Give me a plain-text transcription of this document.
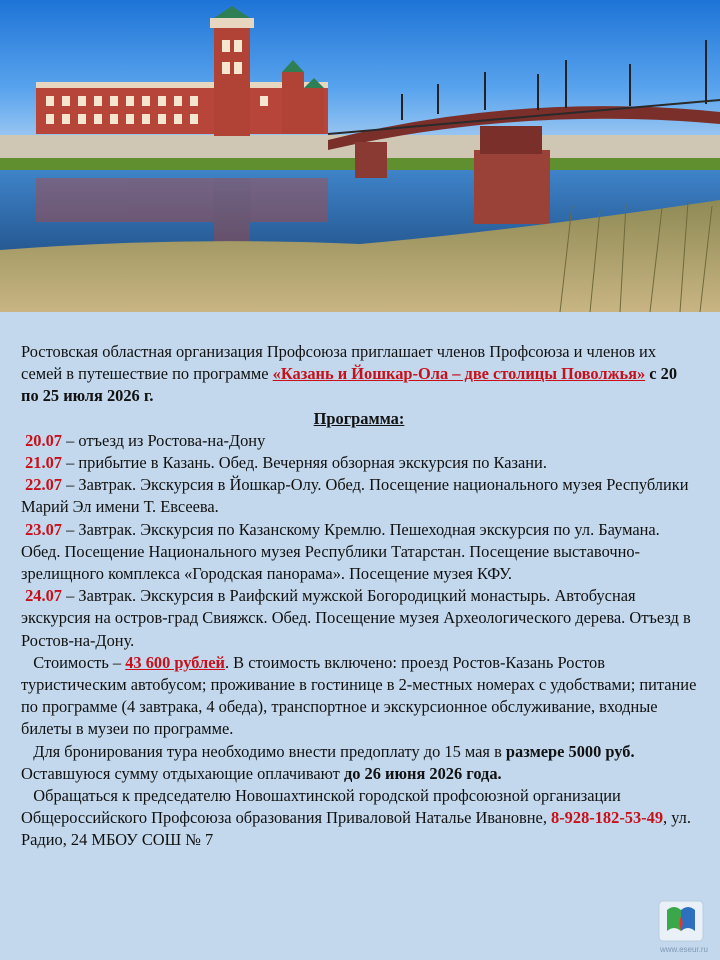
Ростовская областная организация Профсоюза приглашает членов Профсоюза и членов их семей в путешествие по программе «Казань и Йошкар-Ола – две столицы Поволжья» с 20 по 25 июля 2026 г.

Программа:

20.07 – отъезд из Ростова-на-Дону

21.07 – прибытие в Казань. Обед. Вечерняя обзорная экскурсия по Казани.

22.07 – Завтрак. Экскурсия в Йошкар-Олу. Обед. Посещение национального музея Республики Марий Эл имени Т. Евсеева.

23.07 – Завтрак. Экскурсия по Казанскому Кремлю. Пешеходная экскурсия по ул. Баумана. Обед. Посещение Национального музея Республики Татарстан. Посещение выставочно-зрелищного комплекса «Городская панорама». Посещение музея КФУ.

24.07 – Завтрак. Экскурсия в Раифский мужской Богородицкий монастырь. Автобусная экскурсия на остров-град Свияжск. Обед. Посещение музея Археологического дерева. Отъезд в Ростов-на-Дону.

Стоимость – 43 600 рублей. В стоимость включено: проезд Ростов-Казань Ростов туристическим автобусом; проживание в гостинице в 2-местных номерах с удобствами; питание по программе (4 завтрака, 4 обеда), транспортное и экскурсионное обслуживание, входные билеты в музеи по программе.

Для бронирования тура необходимо внести предоплату до 15 мая в размере 5000 руб. Оставшуюся сумму отдыхающие оплачивают до 26 июня 2026 года.

Обращаться к председателю Новошахтинской городской профсоюзной организации Общероссийского Профсоюза образования Приваловой Наталье Ивановне, 8-928-182-53-49, ул. Радио, 24 МБОУ СОШ № 7

www.eseur.ru
